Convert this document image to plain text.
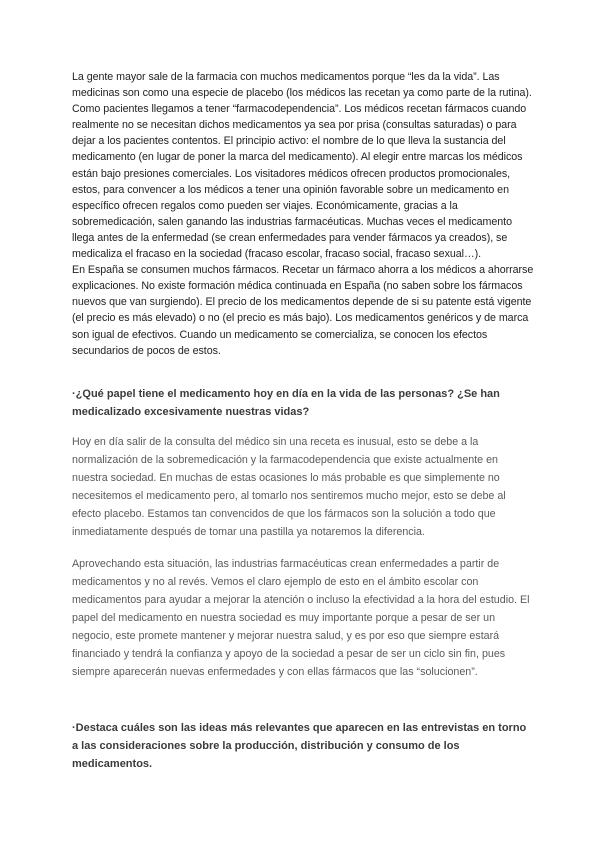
La gente mayor sale de la farmacia con muchos medicamentos porque “les da la vida”. Las medicinas son como una especie de placebo (los médicos las recetan ya como parte de la rutina). Como pacientes llegamos a tener “farmacodependencia”. Los médicos recetan fármacos cuando realmente no se necesitan dichos medicamentos ya sea por prisa (consultas saturadas) o para dejar a los pacientes contentos. El principio activo: el nombre de lo que lleva la sustancia del medicamento (en lugar de poner la marca del medicamento). Al elegir entre marcas los médicos están bajo presiones comerciales. Los visitadores médicos ofrecen productos promocionales, estos, para convencer a los médicos a tener una opinión favorable sobre un medicamento en específico ofrecen regalos como pueden ser viajes. Económicamente, gracias a la sobremedicación, salen ganando las industrias farmacéuticas. Muchas veces el medicamento llega antes de la enfermedad (se crean enfermedades para vender fármacos ya creados), se medicaliza el fracaso en la sociedad (fracaso escolar, fracaso social, fracaso sexual…).

En España se consumen muchos fármacos. Recetar un fármaco ahorra a los médicos a ahorrarse explicaciones. No existe formación médica continuada en España (no saben sobre los fármacos nuevos que van surgiendo). El precio de los medicamentos depende de si su patente está vigente (el precio es más elevado) o no (el precio es más bajo). Los medicamentos genéricos y de marca son igual de efectivos. Cuando un medicamento se comercializa, se conocen los efectos secundarios de pocos de estos.

·¿Qué papel tiene el medicamento hoy en día en la vida de las personas? ¿Se han medicalizado excesivamente nuestras vidas?

Hoy en día salir de la consulta del médico sin una receta es inusual, esto se debe a la normalización de la sobremedicación y la farmacodependencia que existe actualmente en nuestra sociedad. En muchas de estas ocasiones lo más probable es que simplemente no necesitemos el medicamento pero, al tomarlo nos sentiremos mucho mejor, esto se debe al efecto placebo. Estamos tan convencidos de que los fármacos son la solución a todo que inmediatamente después de tomar una pastilla ya notaremos la diferencia.

Aprovechando esta situación, las industrias farmacéuticas crean enfermedades a partir de medicamentos y no al revés. Vemos el claro ejemplo de esto en el ámbito escolar con medicamentos para ayudar a mejorar la atención o incluso la efectividad a la hora del estudio. El papel del medicamento en nuestra sociedad es muy importante porque a pesar de ser un negocio, este promete mantener y mejorar nuestra salud, y es por eso que siempre estará financiado y tendrá la confianza y apoyo de la sociedad a pesar de ser un ciclo sin fin, pues siempre aparecerán nuevas enfermedades y con ellas fármacos que las “solucionen”.

·Destaca cuáles son las ideas más relevantes que aparecen en las entrevistas en torno a las consideraciones sobre la producción, distribución y consumo de los medicamentos.
